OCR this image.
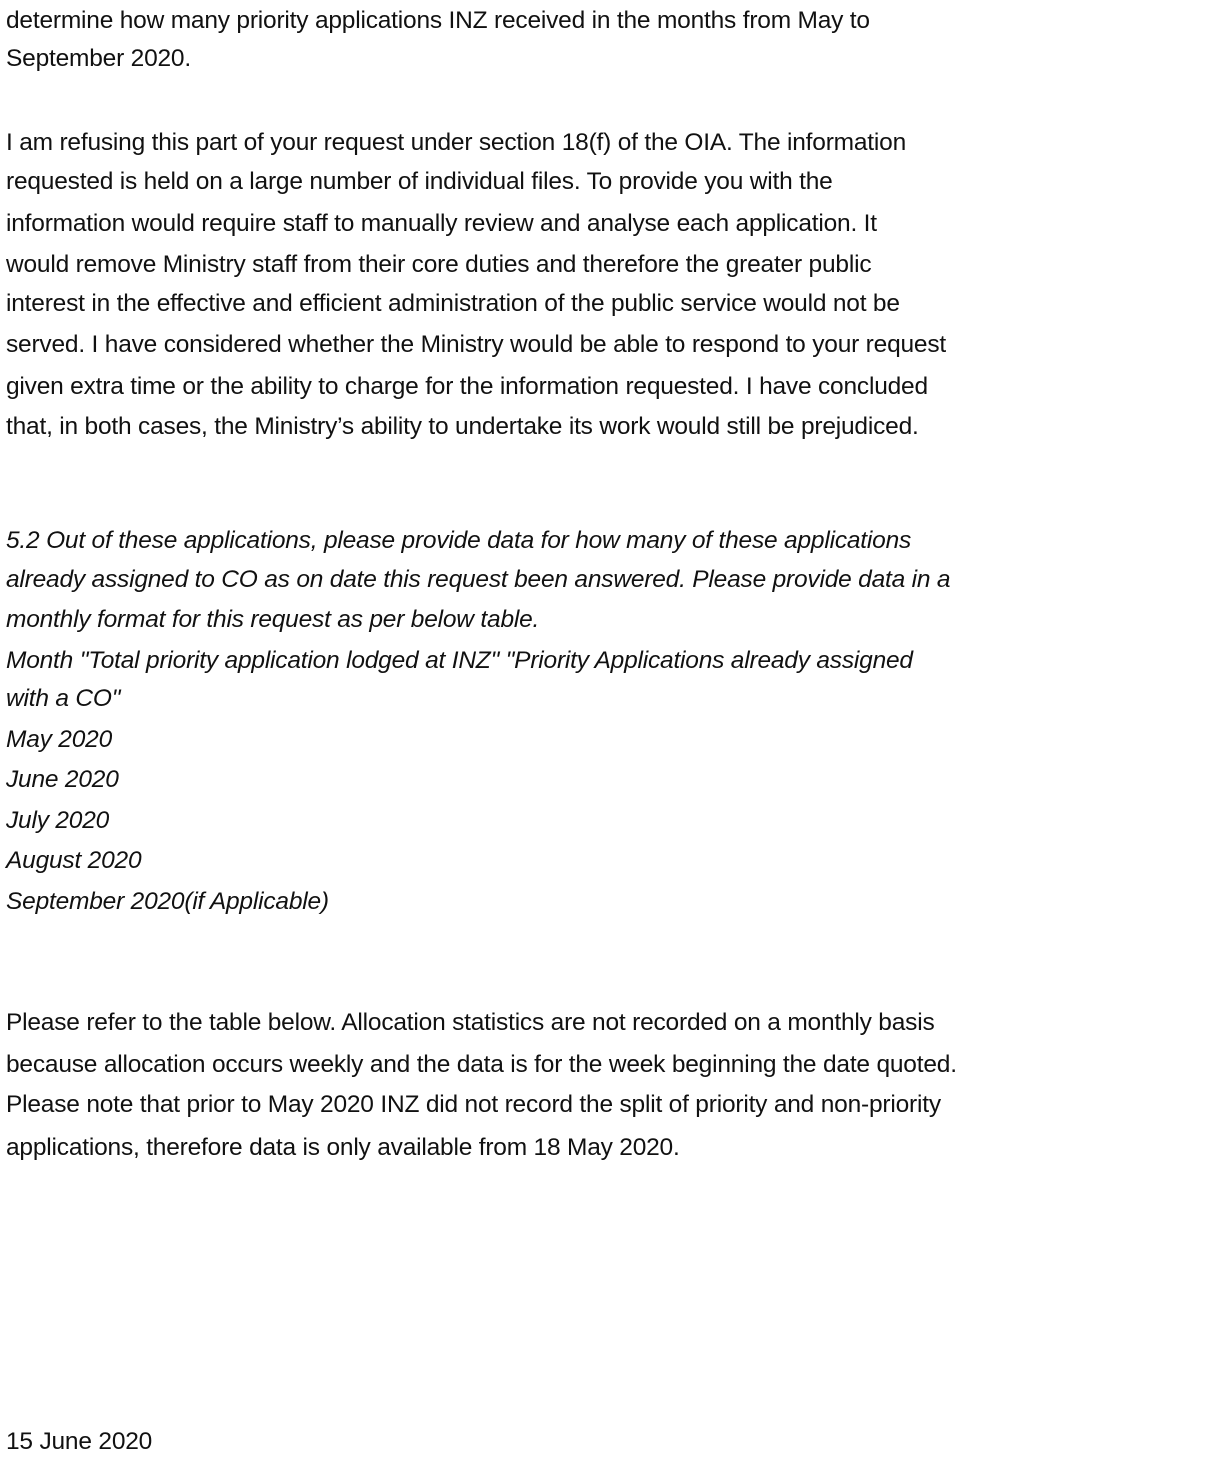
determine how many priority applications INZ received in the months from May to
September 2020.
I am refusing this part of your request under section 18(f) of the OIA. The information
requested is held on a large number of individual files. To provide you with the
information would require staff to manually review and analyse each application. It
would remove Ministry staff from their core duties and therefore the greater public
interest in the effective and efficient administration of the public service would not be
served. I have considered whether the Ministry would be able to respond to your request
given extra time or the ability to charge for the information requested. I have concluded
that, in both cases, the Ministry’s ability to undertake its work would still be prejudiced.
5.2 Out of these applications, please provide data for how many of these applications
already assigned to CO as on date this request been answered. Please provide data in a
monthly format for this request as per below table.
Month "Total priority application lodged at INZ" "Priority Applications already assigned
with a CO"
May 2020
June 2020
July 2020
August 2020
September 2020(if Applicable)
Please refer to the table below. Allocation statistics are not recorded on a monthly basis
because allocation occurs weekly and the data is for the week beginning the date quoted.
Please note that prior to May 2020 INZ did not record the split of priority and non-priority
applications, therefore data is only available from 18 May 2020.
15 June 2020
